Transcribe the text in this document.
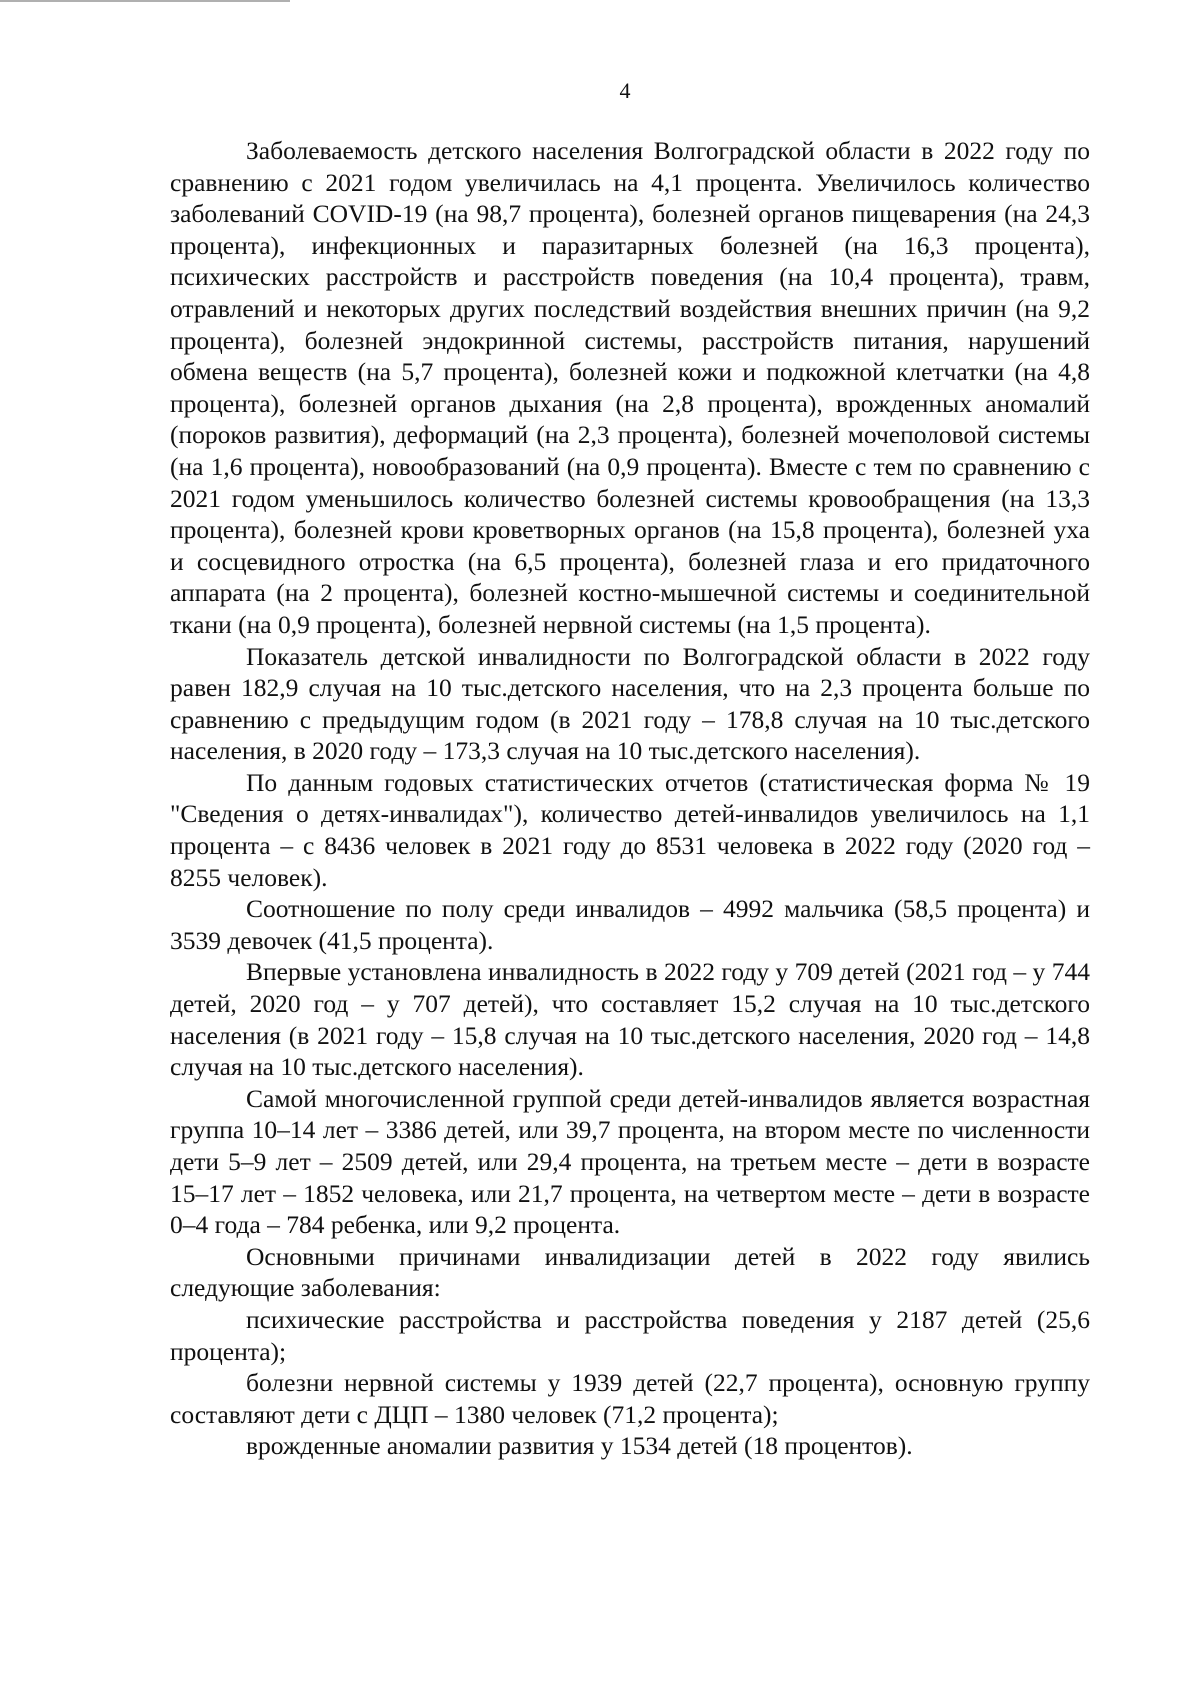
4

Заболеваемость детского населения Волгоградской области в 2022 году по сравнению с 2021 годом увеличилась на 4,1 процента. Увеличилось количество заболеваний COVID-19 (на 98,7 процента), болезней органов пищеварения (на 24,3 процента), инфекционных и паразитарных болезней (на 16,3 процента), психических расстройств и расстройств поведения (на 10,4 процента), травм, отравлений и некоторых других последствий воздействия внешних причин (на 9,2 процента), болезней эндокринной системы, расстройств питания, нарушений обмена веществ (на 5,7 процента), болезней кожи и подкожной клетчатки (на 4,8 процента), болезней органов дыхания (на 2,8 процента), врожденных аномалий (пороков развития), деформаций (на 2,3 процента), болезней мочеполовой системы (на 1,6 процента), новообразований (на 0,9 процента). Вместе с тем по сравнению с 2021 годом уменьшилось количество болезней системы кровообращения (на 13,3 процента), болезней крови кроветворных органов (на 15,8 процента), болезней уха и сосцевидного отростка (на 6,5 процента), болезней глаза и его придаточного аппарата (на 2 процента), болезней костно-мышечной системы и соединительной ткани (на 0,9 процента), болезней нервной системы (на 1,5 процента).

Показатель детской инвалидности по Волгоградской области в 2022 году равен 182,9 случая на 10 тыс.детского населения, что на 2,3 процента больше по сравнению с предыдущим годом (в 2021 году – 178,8 случая на 10 тыс.детского населения, в 2020 году – 173,3 случая на 10 тыс.детского населения).

По данным годовых статистических отчетов (статистическая форма № 19 "Сведения о детях-инвалидах"), количество детей-инвалидов увеличилось на 1,1 процента – с 8436 человек в 2021 году до 8531 человека в 2022 году (2020 год – 8255 человек).

Соотношение по полу среди инвалидов – 4992 мальчика (58,5 процента) и 3539 девочек (41,5 процента).

Впервые установлена инвалидность в 2022 году у 709 детей (2021 год – у 744 детей, 2020 год – у 707 детей), что составляет 15,2 случая на 10 тыс.детского населения (в 2021 году – 15,8 случая на 10 тыс.детского населения, 2020 год – 14,8 случая на 10 тыс.детского населения).

Самой многочисленной группой среди детей-инвалидов является возрастная группа 10–14 лет – 3386 детей, или 39,7 процента, на втором месте по численности дети 5–9 лет – 2509 детей, или 29,4 процента, на третьем месте – дети в возрасте 15–17 лет – 1852 человека, или 21,7 процента, на четвертом месте – дети в возрасте 0–4 года – 784 ребенка, или 9,2 процента.

Основными причинами инвалидизации детей в 2022 году явились следующие заболевания:

психические расстройства и расстройства поведения у 2187 детей (25,6 процента);

болезни нервной системы у 1939 детей (22,7 процента), основную группу составляют дети с ДЦП – 1380 человек (71,2 процента);

врожденные аномалии развития у 1534 детей (18 процентов).
